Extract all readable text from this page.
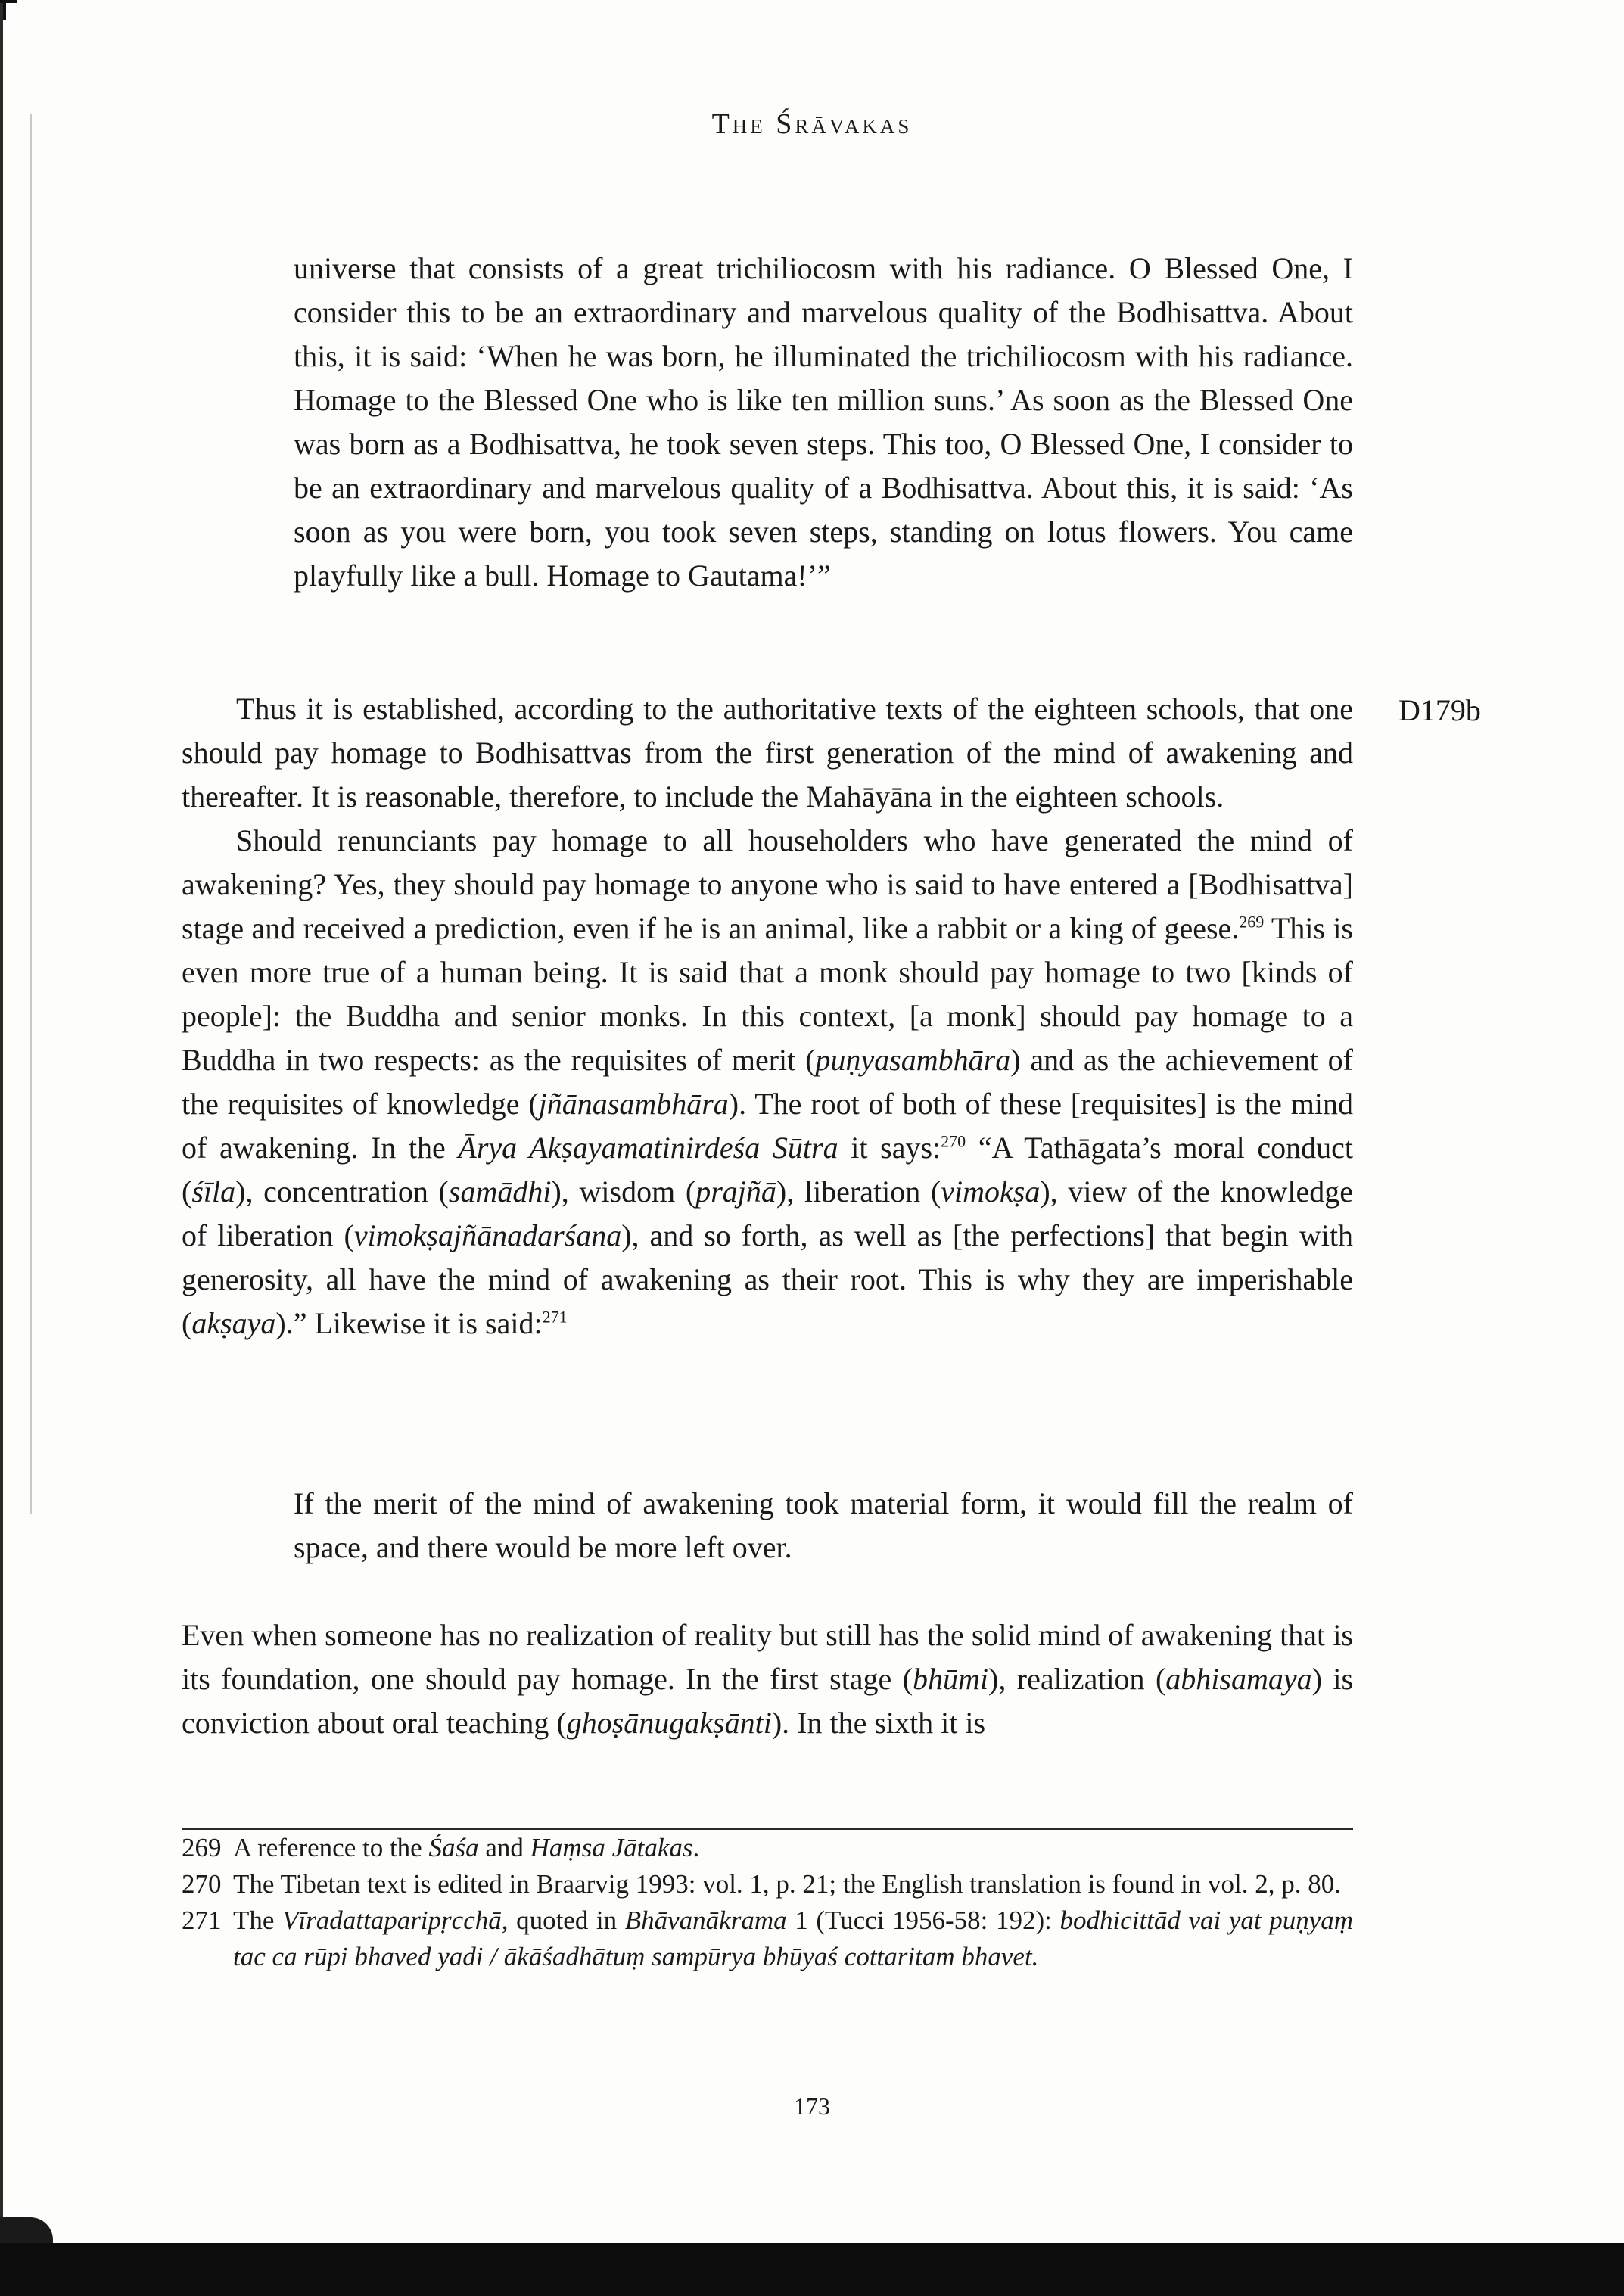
The Śrāvakas

universe that consists of a great trichiliocosm with his radiance. O Blessed One, I consider this to be an extraordinary and marvelous quality of the Bodhisattva. About this, it is said: ‘When he was born, he illuminated the trichiliocosm with his radiance. Homage to the Blessed One who is like ten million suns.’ As soon as the Blessed One was born as a Bodhisattva, he took seven steps. This too, O Blessed One, I consider to be an extraordinary and marvelous quality of a Bodhisattva. About this, it is said: ‘As soon as you were born, you took seven steps, standing on lotus flowers. You came playfully like a bull. Homage to Gautama!’”

D179b

Thus it is established, according to the authoritative texts of the eighteen schools, that one should pay homage to Bodhisattvas from the first generation of the mind of awakening and thereafter. It is reasonable, therefore, to include the Mahāyāna in the eighteen schools.

Should renunciants pay homage to all householders who have generated the mind of awakening? Yes, they should pay homage to anyone who is said to have entered a [Bodhisattva] stage and received a prediction, even if he is an animal, like a rabbit or a king of geese.$^{269}$ This is even more true of a human being. It is said that a monk should pay homage to two [kinds of people]: the Buddha and senior monks. In this context, [a monk] should pay homage to a Buddha in two respects: as the requisites of merit (puṇyasambhāra) and as the achievement of the requisites of knowledge (jñānasambhāra). The root of both of these [requisites] is the mind of awakening. In the Ārya Akṣayamatinirdeśa Sūtra it says:$^{270}$ “A Tathāgata’s moral conduct (śīla), concentration (samādhi), wisdom (prajñā), liberation (vimokṣa), view of the knowledge of liberation (vimokṣajñānadarśana), and so forth, as well as [the perfections] that begin with generosity, all have the mind of awakening as their root. This is why they are imperishable (akṣaya).” Likewise it is said:$^{271}$

If the merit of the mind of awakening took material form, it would fill the realm of space, and there would be more left over.

Even when someone has no realization of reality but still has the solid mind of awakening that is its foundation, one should pay homage. In the first stage (bhūmi), realization (abhisamaya) is conviction about oral teaching (ghoṣānugakṣānti). In the sixth it is

269 A reference to the Śaśa and Haṃsa Jātakas.
270 The Tibetan text is edited in Braarvig 1993: vol. 1, p. 21; the English translation is found in vol. 2, p. 80.
271 The Vīradattaparipṛcchā, quoted in Bhāvanākrama 1 (Tucci 1956-58: 192): bodhicittād vai yat puṇyaṃ tac ca rūpi bhaved yadi / ākāśadhātuṃ sampūrya bhūyaś cottaritam bhavet.
173
